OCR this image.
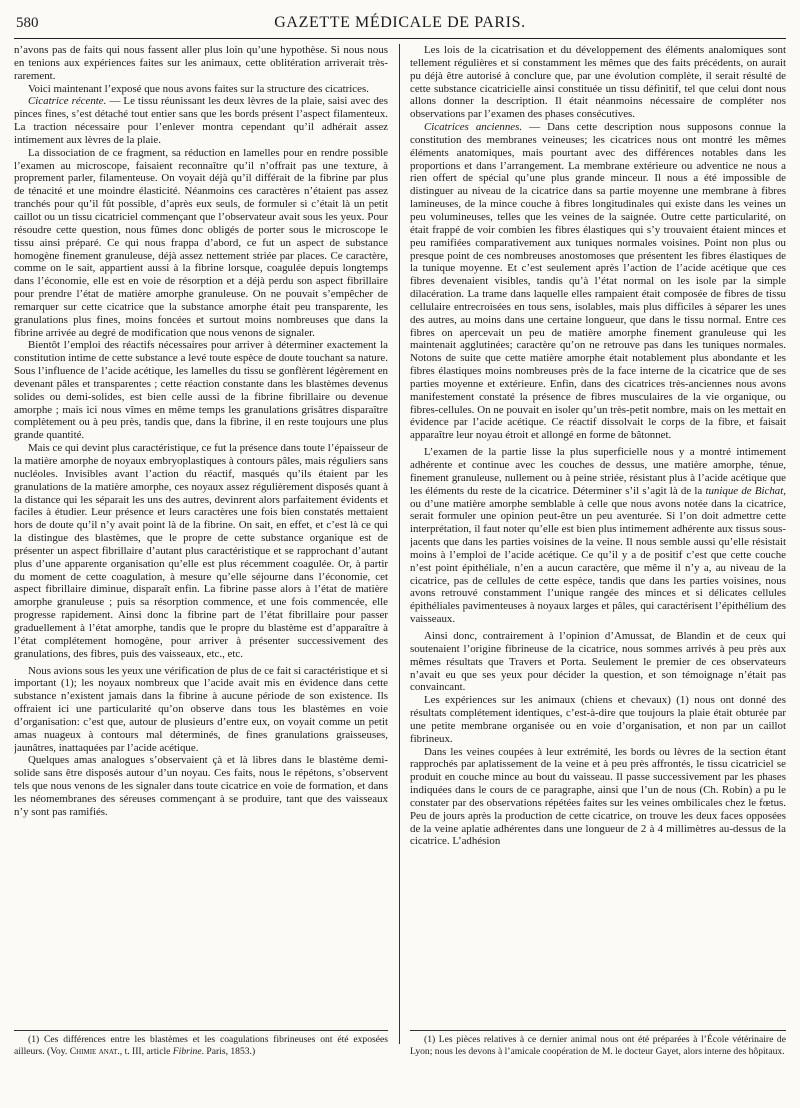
580	GAZETTE MÉDICALE DE PARIS.

n’avons pas de faits qui nous fassent aller plus loin qu’une hypothèse. Si nous nous en tenions aux expériences faites sur les animaux, cette oblitération arriverait très-rarement.

Voici maintenant l’exposé que nous avons faites sur la structure des cicatrices.

Cicatrice récente. — Le tissu réunissant les deux lèvres de la plaie, saisi avec des pinces fines, s’est détaché tout entier sans que les bords présent l’aspect filamenteux. La traction nécessaire pour l’enlever montra cependant qu’il adhérait assez intimement aux lèvres de la plaie.

La dissociation de ce fragment, sa réduction en lamelles pour en rendre possible l’examen au microscope, faisaient reconnaître qu’il n’offrait pas une texture, à proprement parler, filamenteuse. On voyait déjà qu’il différait de la fibrine par plus de ténacité et une moindre élasticité. Néanmoins ces caractères n’étaient pas assez tranchés pour qu’il fût possible, d’après eux seuls, de formuler si c’était là un petit caillot ou un tissu cicatriciel commençant que l’observateur avait sous les yeux. Pour résoudre cette question, nous fûmes donc obligés de porter sous le microscope le tissu ainsi préparé. Ce qui nous frappa d’abord, ce fut un aspect de substance homogène finement granuleuse, déjà assez nettement striée par places. Ce caractère, comme on le sait, appartient aussi à la fibrine lorsque, coagulée depuis longtemps dans l’économie, elle est en voie de résorption et a déjà perdu son aspect fibrillaire pour prendre l’état de matière amorphe granuleuse. On ne pouvait s’empêcher de remarquer sur cette cicatrice que la substance amorphe était peu transparente, les granulations plus fines, moins foncées et surtout moins nombreuses que dans la fibrine arrivée au degré de modification que nous venons de signaler.

Bientôt l’emploi des réactifs nécessaires pour arriver à déterminer exactement la constitution intime de cette substance a levé toute espèce de doute touchant sa nature. Sous l’influence de l’acide acétique, les lamelles du tissu se gonflèrent légèrement en devenant pâles et transparentes ; cette réaction constante dans les blastèmes devenus solides ou demi-solides, est bien celle aussi de la fibrine fibrillaire ou devenue amorphe ; mais ici nous vîmes en même temps les granulations grisâtres disparaître complètement ou à peu près, tandis que, dans la fibrine, il en reste toujours une plus grande quantité.

Mais ce qui devint plus caractéristique, ce fut la présence dans toute l’épaisseur de la matière amorphe de noyaux embryoplastiques à contours pâles, mais réguliers sans nucléoles. Invisibles avant l’action du réactif, masqués qu’ils étaient par les granulations de la matière amorphe, ces noyaux assez régulièrement disposés quant à la distance qui les séparait les uns des autres, devinrent alors parfaitement évidents et faciles à étudier. Leur présence et leurs caractères une fois bien constatés mettaient hors de doute qu’il n’y avait point là de la fibrine. On sait, en effet, et c’est là ce qui la distingue des blastèmes, que le propre de cette substance organique est de présenter un aspect fibrillaire d’autant plus caractéristique et se rapprochant d’autant plus d’une apparente organisation qu’elle est plus récemment coagulée. Or, à partir du moment de cette coagulation, à mesure qu’elle séjourne dans l’économie, cet aspect fibrillaire diminue, disparaît enfin. La fibrine passe alors à l’état de matière amorphe granuleuse ; puis sa résorption commence, et une fois commencée, elle progresse rapidement. Ainsi donc la fibrine part de l’état fibrillaire pour passer graduellement à l’état amorphe, tandis que le propre du blastème est d’apparaître à l’état complétement homogène, pour arriver à présenter successivement des granulations, des fibres, puis des vaisseaux, etc., etc.

Nous avions sous les yeux une vérification de plus de ce fait si caractéristique et si important (1); les noyaux nombreux que l’acide avait mis en évidence dans cette substance n’existent jamais dans la fibrine à aucune période de son existence. Ils offraient ici une particularité qu’on observe dans tous les blastèmes en voie d’organisation: c’est que, autour de plusieurs d’entre eux, on voyait comme un petit amas nuageux à contours mal déterminés, de fines granulations graisseuses, jaunâtres, inattaquées par l’acide acétique.

Quelques amas analogues s’observaient çà et là libres dans le blastème demi-solide sans être disposés autour d’un noyau. Ces faits, nous le répétons, s’observent tels que nous venons de les signaler dans toute cicatrice en voie de formation, et dans les néomembranes des séreuses commençant à se produire, tant que des vaisseaux n’y sont pas ramifiés.

Les lois de la cicatrisation et du développement des éléments analomiques sont tellement régulières et si constamment les mêmes que des faits précédents, on aurait pu déjà être autorisé à conclure que, par une évolution complète, il serait résulté de cette substance cicatricielle ainsi constituée un tissu définitif, tel que celui dont nous allons donner la description. Il était néanmoins nécessaire de compléter nos observations par l’examen des phases consécutives.

Cicatrices anciennes. — Dans cette description nous supposons connue la constitution des membranes veineuses; les cicatrices nous ont montré les mêmes éléments anatomiques, mais pourtant avec des différences notables dans les proportions et dans l’arrangement. La membrane extérieure ou adventice ne nous a rien offert de spécial qu’une plus grande minceur. Il nous a été impossible de distinguer au niveau de la cicatrice dans sa partie moyenne une membrane à fibres lamineuses, de la mince couche à fibres longitudinales qui existe dans les veines un peu volumineuses, telles que les veines de la saignée. Outre cette particularité, on était frappé de voir combien les fibres élastiques qui s’y trouvaient étaient minces et peu ramifiées comparativement aux tuniques normales voisines. Point non plus ou presque point de ces nombreuses anostomoses que présentent les fibres élastiques de la tunique moyenne. Et c’est seulement après l’action de l’acide acétique que ces fibres devenaient visibles, tandis qu’à l’état normal on les isole par la simple dilacération. La trame dans laquelle elles rampaient était composée de fibres de tissu cellulaire entrecroisées en tous sens, isolables, mais plus difficiles à séparer les unes des autres, au moins dans une certaine longueur, que dans le tissu normal. Entre ces fibres on apercevait un peu de matière amorphe finement granuleuse qui les maintenait agglutinées; caractère qu’on ne retrouve pas dans les tuniques normales. Notons de suite que cette matière amorphe était notablement plus abondante et les fibres élastiques moins nombreuses près de la face interne de la cicatrice que de ses parties moyenne et extérieure. Enfin, dans des cicatrices très-anciennes nous avons manifestement constaté la présence de fibres musculaires de la vie organique, ou fibres-cellules. On ne pouvait en isoler qu’un très-petit nombre, mais on les mettait en évidence par l’acide acétique. Ce réactif dissolvait le corps de la fibre, et faisait apparaître leur noyau étroit et allongé en forme de bâtonnet.

L’examen de la partie lisse la plus superficielle nous y a montré intimement adhérente et continue avec les couches de dessus, une matière amorphe, ténue, finement granuleuse, nullement ou à peine striée, résistant plus à l’acide acétique que les éléments du reste de la cicatrice. Déterminer s’il s’agit là de la tunique de Bichat, ou d’une matière amorphe semblable à celle que nous avons notée dans la cicatrice, serait formuler une opinion peut-être un peu aventurée. Si l’on doit admettre cette interprétation, il faut noter qu’elle est bien plus intimement adhérente aux tissus sous-jacents que dans les parties voisines de la veine. Il nous semble aussi qu’elle résistait moins à l’emploi de l’acide acétique. Ce qu’il y a de positif c’est que cette couche n’est point épithéliale, n’en a aucun caractère, que même il n’y a, au niveau de la cicatrice, pas de cellules de cette espèce, tandis que dans les parties voisines, nous avons retrouvé constamment l’unique rangée des minces et si délicates cellules épithéliales pavimenteuses à noyaux larges et pâles, qui caractérisent l’épithélium des vaisseaux.

Ainsi donc, contrairement à l’opinion d’Amussat, de Blandin et de ceux qui soutenaient l’origine fibrineuse de la cicatrice, nous sommes arrivés à peu près aux mêmes résultats que Travers et Porta. Seulement le premier de ces observateurs n’avait eu que ses yeux pour décider la question, et son témoignage n’était pas convaincant.

Les expériences sur les animaux (chiens et chevaux) (1) nous ont donné des résultats complétement identiques, c’est-à-dire que toujours la plaie était obturée par une petite membrane organisée ou en voie d’organisation, et non par un caillot fibrineux.

Dans les veines coupées à leur extrémité, les bords ou lèvres de la section étant rapprochés par aplatissement de la veine et à peu près affrontés, le tissu cicatriciel se produit en couche mince au bout du vaisseau. Il passe successivement par les phases indiquées dans le cours de ce paragraphe, ainsi que l’un de nous (Ch. Robin) a pu le constater par des observations répétées faites sur les veines ombilicales chez le fœtus. Peu de jours après la production de cette cicatrice, on trouve les deux faces opposées de la veine aplatie adhérentes dans une longueur de 2 à 4 millimètres au-dessus de la cicatrice. L’adhésion

(1) Ces différences entre les blastèmes et les coagulations fibrineuses ont été exposées ailleurs. (Voy. Chimie anat., t. III, article Fibrine. Paris, 1853.)

(1) Les pièces relatives à ce dernier animal nous ont été préparées à l’École vétérinaire de Lyon; nous les devons à l’amicale coopération de M. le docteur Gayet, alors interne des hôpitaux.
